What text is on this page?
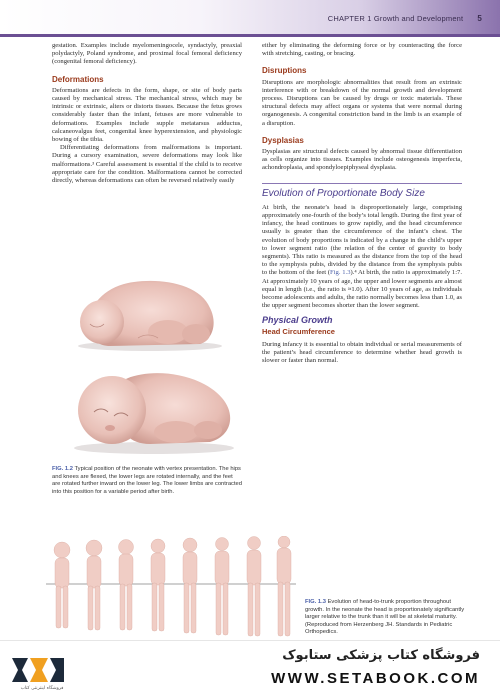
CHAPTER 1 Growth and Development 5

gestation. Examples include myelomeningocele, syndactyly, preaxial polydactyly, Poland syndrome, and proximal focal femoral deficiency (congenital femoral deficiency).

Deformations

Deformations are defects in the form, shape, or site of body parts caused by mechanical stress. The mechanical stress, which may be intrinsic or extrinsic, alters or distorts tissues. Because the fetus grows considerably faster than the infant, fetuses are more vulnerable to deformations. Examples include supple metatarsus adductus, calcaneovalgus feet, congenital knee hyperextension, and physiologic bowing of the tibia.

Differentiating deformations from malformations is important. During a cursory examination, severe deformations may look like malformations.³ Careful assessment is essential if the child is to receive appropriate care for the condition. Malformations cannot be corrected directly, whereas deformations can often be reversed relatively easily

FIG. 1.2 Typical position of the neonate with vertex presentation. The hips and knees are flexed, the lower legs are rotated internally, and the feet are rotated further inward on the lower leg. The lower limbs are contracted into this position for a variable period after birth.

either by eliminating the deforming force or by counteracting the force with stretching, casting, or bracing.

Disruptions

Disruptions are morphologic abnormalities that result from an extrinsic interference with or breakdown of the normal growth and development process. Disruptions can be caused by drugs or toxic materials. These structural defects may affect organs or systems that were normal during organogenesis. A congenital constriction band in the limb is an example of a disruption.

Dysplasias

Dysplasias are structural defects caused by abnormal tissue differentiation as cells organize into tissues. Examples include osteogenesis imperfecta, achondroplasia, and spondyloepiphyseal dysplasia.

Evolution of Proportionate Body Size

At birth, the neonate’s head is disproportionately large, comprising approximately one-fourth of the body’s total length. During the first year of infancy, the head continues to grow rapidly, and the head circumference usually is greater than the circumference of the infant’s chest. The evolution of body proportions is indicated by a change in the child’s upper to lower segment ratio (the relation of the center of gravity to body segments). This ratio is measured as the distance from the top of the head to the symphysis pubis, divided by the distance from the symphysis pubis to the bottom of the feet (Fig. 1.3).⁴ At birth, the ratio is approximately 1:7. At approximately 10 years of age, the upper and lower segments are almost equal in length (i.e., the ratio is ≈1.0). After 10 years of age, as individuals become adolescents and adults, the ratio normally becomes less than 1.0, as the upper segment becomes shorter than the lower segment.

Physical Growth
Head Circumference

During infancy it is essential to obtain individual or serial measurements of the patient’s head circumference to determine whether head growth is slower or faster than normal.

FIG. 1.3 Evolution of head-to-trunk proportion throughout growth. In the neonate the head is proportionately significantly larger relative to the trunk than it will be at skeletal maturity. (Reproduced from Herzenberg JH. Standards in Pediatric Orthopedics.
فروشگاه اینترنتی کتاب
فروشگاه کتاب پزشکی ستابوک
WWW.SETABOOK.COM
